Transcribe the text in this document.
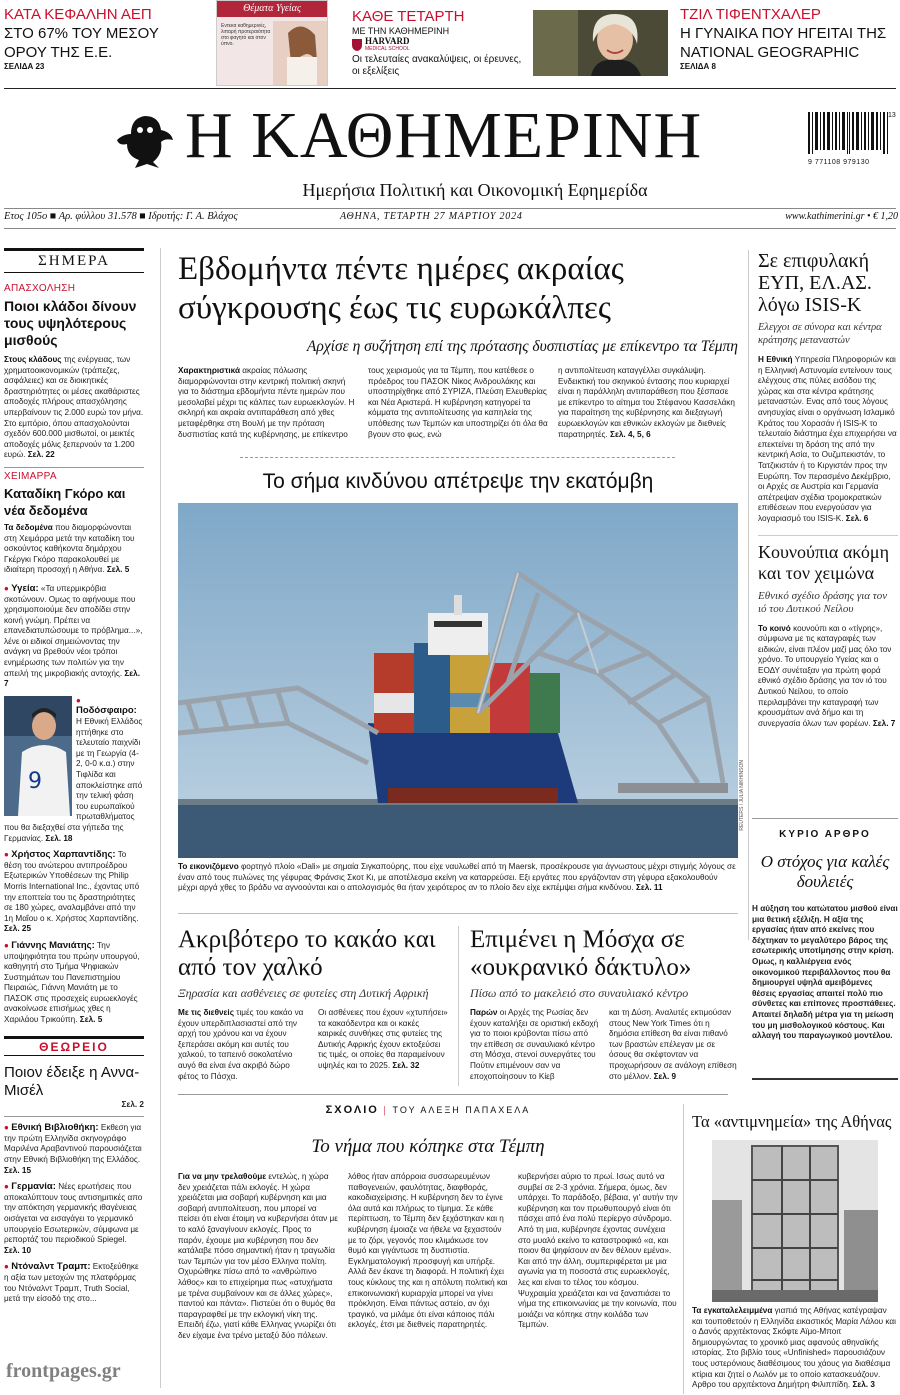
ΚΑΤΑ ΚΕΦΑΛΗΝ ΑΕΠ
ΣΤΟ 67% ΤΟΥ ΜΕΣΟΥ ΟΡΟΥ ΤΗΣ Ε.Ε.
ΣΕΛΙΔΑ 23
Θέματα Υγείας
Εντεκα καθημερινές, λιπαρή προτεραιότητα στο φαγητό και στον ύπνο.
ΚΑΘΕ ΤΕΤΑΡΤΗ
ΜΕ ΤΗΝ ΚΑΘΗΜΕΡΙΝΗ
HARVARD
MEDICAL SCHOOL
Οι τελευταίες ανακαλύψεις, οι έρευνες, οι εξελίξεις
ΤΖΙΛ ΤΙΦΕΝΤΧΑΛΕΡ
Η ΓΥΝΑΙΚΑ ΠΟΥ ΗΓΕΙΤΑΙ ΤΗΣ NATIONAL GEOGRAPHIC
ΣΕΛΙΔΑ 8
Η ΚΑΘΗΜΕΡΙΝΗ
Ημερήσια Πολιτική και Οικονομική Εφημερίδα
13
9 771108 979130
Ετος 105ο ■ Αρ. φύλλου 31.578 ■ Ιδρυτής: Γ. Α. Βλάχος	ΑΘΗΝΑ, ΤΕΤΑΡΤΗ 27 ΜΑΡΤΙΟΥ 2024	www.kathimerini.gr • € 1,20
ΣΗΜΕΡΑ
ΑΠΑΣΧΟΛΗΣΗ
Ποιοι κλάδοι δίνουν τους υψηλότερους μισθούς
Στους κλάδους της ενέργειας, των χρηματοοικονομικών (τράπεζες, ασφάλειες) και σε διοικητικές δραστηριότητες οι μέσες ακαθάριστες αποδοχές πλήρους απασχόλησης υπερβαίνουν τις 2.000 ευρώ τον μήνα. Στο εμπόριο, όπου απασχολούνται σχεδόν 600.000 μισθωτοί, οι μεικτές αποδοχές μόλις ξεπερνούν τα 1.200 ευρώ. Σελ. 22
ΧΕΙΜΑΡΡΑ
Καταδίκη Γκόρο και νέα δεδομένα
Τα δεδομένα που διαμορφώνονται στη Χειμάρρα μετά την καταδίκη του οσκούντος καθήκοντα δημάρχου Γκέργκι Γκόρο παρακολουθεί με ιδιαίτερη προσοχή η Αθήνα. Σελ. 5
● Υγεία: «Τα υπερμικρόβια σκοτώνουν. Ομως το αφήνουμε που χρησιμοποιούμε δεν αποδίδει στην κοινή γνώμη. Πρέπει να επανεδιατυπώσουμε το πρόβλημα...», λένε οι ειδικοί σημειώνοντας την ανάγκη να βρεθούν νέοι τρόποι ενημέρωσης των πολιτών για την απειλή της μικροβιακής αντοχής. Σελ. 7
9
● Ποδόσφαιρο: Η Εθνική Ελλάδος ηττήθηκε στο τελευταίο παιχνίδι με τη Γεωργία (4-2, 0-0 κ.α.) στην Τιφλίδα και αποκλείστηκε από την τελική φάση του ευρωπαϊκού πρωταθλήματος που θα διεξαχθεί στα γήπεδα της Γερμανίας. Σελ. 18
● Χρήστος Χαρπαντίδης: Το θέση του ανώτερου αντιπροέδρου Εξωτερικών Υποθέσεων της Philip Morris International Inc., έχοντας υπό την εποπτεία του τις δραστηριότητες σε 180 χώρες, αναλαμβάνει από την 1η Μαΐου ο κ. Χρήστος Χαρπαντίδης. Σελ. 25
● Γιάννης Μανιάτης: Την υποψηφιότητα του πρώην υπουργού, καθηγητή στο Τμήμα Ψηφιακών Συστημάτων του Πανεπιστημίου Πειραιώς, Γιάννη Μανιάτη με το ΠΑΣΟΚ στις προσεχείς ευρωεκλογές ανακοίνωσε επισήμως χθες η Χαριλάου Τρικούπη. Σελ. 5
ΘΕΩΡΕΙΟ
Ποιον έδειξε η Αννα-Μισέλ
Σελ. 2
● Εθνική Βιβλιοθήκη: Εκθεση για την πρώτη Ελληνίδα σκηνογράφο Μαριλένα Αραβαντινού παρουσιάζεται στην Εθνική Βιβλιοθήκη της Ελλάδος. Σελ. 15
● Γερμανία: Νέες ερωτήσεις που αποκαλύπτουν τους αντισημιτικές απο την απόκτηση γερμανικής ιθαγένειας οισάγεται να εισαγάγει το γερμανικό υπουργείο Εσωτερικών, σύμφωνα με ρεπορτάζ του περιοδικού Spiegel. Σελ. 10
● Ντόναλντ Τραμπ: Εκτοξεύθηκε η αξία των μετοχών της πλατφόρμας του Ντόναλντ Τραμπ, Truth Social, μετά την είσοδό της στο...
frontpages.gr
Εβδομήντα πέντε ημέρες ακραίας σύγκρουσης έως τις ευρωκάλπες
Αρχίσε η συζήτηση επί της πρότασης δυσπιστίας με επίκεντρο τα Τέμπη
Χαρακτηριστικά ακραίας πόλωσης διαμορφώνονται στην κεντρική πολιτική σκηνή για το διάστημα εβδομήντα πέντε ημερών που μεσολαβεί μέχρι τις κάλπες των ευρωεκλογών. Η σκληρή και ακραία αντιπαράθεση από χθες μεταφέρθηκε στη Βουλή με την πρόταση δυσπιστίας κατά της κυβέρνησης, με επίκεντρο
τους χειρισμούς για τα Τέμπη, που κατέθεσε ο πρόεδρος του ΠΑΣΟΚ Νίκος Ανδρουλάκης και υποστηρίχθηκε από ΣΥΡΙΖΑ, Πλεύση Ελευθερίας και Νέα Αριστερά. Η κυβέρνηση κατηγορεί τα κόμματα της αντιπολίτευσης για καπηλεία της υπόθεσης των Τεμπών και υποστηρίζει ότι όλα θα βγουν στο φως, ενώ
η αντιπολίτευση καταγγέλλει συγκάλυψη. Ενδεικτική του σκηνικού έντασης που κυριαρχεί είναι η παράλληλη αντιπαράθεση που ξέσπασε με επίκεντρο το αίτημα του Στέφανου Κασσελάκη για παραίτηση της κυβέρνησης και διεξαγωγή ευρωεκλογών και εθνικών εκλογών με διεθνείς παρατηρητές. Σελ. 4, 5, 6
Το σήμα κινδύνου απέτρεψε την εκατόμβη
REUTERS / JULIA NIKHINSON
Το εικονιζόμενο φορτηγό πλοίο «Dali» με σημαία Σιγκαπούρης, που είχε ναυλωθεί από τη Maersk, προσέκρουσε για άγνωστους μέχρι στιγμής λόγους σε έναν από τους πυλώνες της γέφυρας Φράνσις Σκοτ Κι, με αποτέλεσμα εκείνη να καταρρεύσει. Εξι εργάτες που εργάζονταν στη γέφυρα εξακολουθούν μέχρι αργά χθες το βράδυ να αγνοούνται και ο απολογισμός θα ήταν χειρότερος αν το πλοίο δεν είχε εκπέμψει σήμα κινδύνου. Σελ. 11
Ακριβότερο το κακάο και από τον χαλκό
Ξηρασία και ασθένειες σε φυτείες στη Δυτική Αφρική
Με τις διεθνείς τιμές του κακάο να έχουν υπερδιπλασιαστεί από την αρχή του χρόνου και να έχουν ξεπεράσει ακόμη και αυτές του χαλκού, το ταπεινό σοκολατένιο αυγό θα είναι ένα ακριβό δώρο φέτος το Πάσχα.
Οι ασθένειες που έχουν «χτυπήσει» τα κακαόδεντρα και οι κακές καιρικές συνθήκες στις φυτείες της Δυτικής Αφρικής έχουν εκτοξεύσει τις τιμές, οι οποίες θα παραμείνουν υψηλές και το 2025. Σελ. 32
Επιμένει η Μόσχα σε «ουκρανικό δάκτυλο»
Πίσω από το μακελειό στο συναυλιακό κέντρο
Παρών οι Αρχές της Ρωσίας δεν έχουν καταλήξει σε οριστική εκδοχή για το ποιοι κρύβονται πίσω από την επίθεση σε συναυλιακό κέντρο στη Μόσχα, στενοί συνεργάτες του Πούτιν επιμένουν σαν να εποχοποίησουν το Κίεβ
και τη Δύση. Αναλυτές εκτιμούσαν στους New York Times ότι η δημόσια επίθεση θα είναι πιθανό των βραστών επέλεγαν με σε όσους θα σκέφτονταν να προχωρήσουν σε ανάλογη επίθεση στο μέλλον. Σελ. 9
ΣΧΟΛΙΟ | ΤΟΥ ΑΛΕΞΗ ΠΑΠΑΧΕΛΑ
Το νήμα που κόπηκε στα Τέμπη
Για να μην τρελαθούμε εντελώς, η χώρα δεν χρειάζεται πάλι εκλογές. Η χώρα χρειάζεται μια σοβαρή κυβέρνηση και μια σοβαρή αντιπολίτευση, που μπορεί να πείσει ότι είναι έτοιμη να κυβερνήσει όταν με το καλό ξαναγίνουν εκλογές. Προς το παρόν, έχουμε μια κυβέρνηση που δεν κατάλαβε πόσο σημαντική ήταν η τραγωδία των Τεμπών για τον μέσο Ελληνα πολίτη. Οχυρώθηκε πίσω από το «ανθρώπινο λάθος» και το επιχείρημα πως «ατυχήματα με τρένα συμβαίνουν και σε άλλες χώρες», παντού και πάντα». Πιστεύει ότι ο θυμός θα παραγραφθεί με την εκλογική νίκη της. Επειδή έζω, γιατί κάθε Ελληνας γνωρίζει ότι δεν είχαμε ένα τρένο μεταξύ δύο πόλεων.
λόθος ήταν απόρροια συσσωρευμένων παθογενειών, φαυλότητας, διαφθοράς, κακοδιαχείρισης. Η κυβέρνηση δεν το έγινε όλα αυτά και πλήρως το τίμημα. Σε κάθε περίπτωση, το Τέμπη δεν ξεχάστηκαν και η κυβέρνηση έμοιαζε να ήθελε να ξεχαστούν με το ζόρι, γεγονός που κλιμάκωσε τον θυμό και γιγάντωσε τη δυσπιστία. Εγκληματολογική προσφυγή και υπήρξε. Αλλά δεν έκανε τη διαφορά. Η πολιτική έχει τους κύκλους της και η απόλυτη πολιτική και επικοινωνιακή κυριαρχία μπορεί να γίνει πρόκληση. Είναι πάντως αστείο, αν όχι τραγικό, να μιλάμε ότι είναι κάποιος πάλι εκλογές, έτσι με διεθνείς παρατηρητές.
κυβερνήσει αύριο το πρωί. Ισως αυτό να συμβεί σε 2-3 χρόνια. Σήμερα, όμως, δεν υπάρχει. Το παράδοξο, βέβαια, γι' αυτήν την κυβέρνηση και τον πρωθυπουργό είναι ότι πάσχει από ένα πολύ περίεργο σύνδρομο. Από τη μια, κυβέρνησε έχοντας συνέχεια στο μυαλό εκείνο το καταστροφικό «α, και ποιον θα ψηφίσουν αν δεν θέλουν εμένα». Και από την άλλη, συμπεριφέρεται με μια αγωνία για τη ποσοστά στις ευρωεκλογές, λες και είναι το τέλος του κόσμου. Ψυχραιμία χρειάζεται και να ξαναπιάσει το νήμα της επικοινωνίας με την κοινωνία, που μοιάζει να κόπηκε στην κοιλάδα των Τεμπών.
Σε επιφυλακή ΕΥΠ, ΕΛ.ΑΣ. λόγω ISIS-K
Ελεγχοι σε σύνορα και κέντρα κράτησης μεταναστών
Η Εθνική Υπηρεσία Πληροφοριών και η Ελληνική Αστυνομία εντείνουν τους ελέγχους στις πύλες εισόδου της χώρας και στα κέντρα κράτησης μεταναστών. Ενας από τους λόγους ανησυχίας είναι ο οργάνωση Ισλαμικό Κράτος του Χορασάν ή ISIS-K το τελευταίο διάστημα έχει επιχειρήσει να επεκτείνει τη δράση της από την κεντρική Ασία, το Ουζμπεκιστάν, το Τατζικιστάν ή το Κιργιστάν προς την Ευρώπη. Τον περασμένο Δεκέμβριο, οι Αρχές σε Αυστρία και Γερμανία απέτρεψαν σχέδια τρομοκρατικών επιθέσεων που ενεργούσαν για λογαριασμό του ISIS-K. Σελ. 6
Κουνούπια ακόμη και τον χειμώνα
Εθνικό σχέδιο δράσης για τον ιό του Δυτικού Νείλου
Το κοινό κουνούπι και ο «τίγρης», σύμφωνα με τις καταγραφές των ειδικών, είναι πλέον μαζί μας όλο τον χρόνο. Το υπουργείο Υγείας και ο ΕΟΔΥ συνέταξαν για πρώτη φορά εθνικό σχέδιο δράσης για τον ιό του Δυτικού Νείλου, το οποίο περιλαμβάνει την καταγραφή των κρουσμάτων ανά δήμο και τη συνεργασία όλων των φορέων. Σελ. 7
ΚΥΡΙΟ ΑΡΘΡΟ
Ο στόχος για καλές δουλειές
Η αύξηση του κατώτατου μισθού είναι μια θετική εξέλιξη. Η αξία της εργασίας ήταν από εκείνες που δέχτηκαν το μεγαλύτερο βάρος της εσωτερικής υποτίμησης στην κρίση. Ομως, η καλλιέργεια ενός οικονομικού περιβάλλοντος που θα δημιουργεί υψηλά αμειβόμενες θέσεις εργασίας απαιτεί πολύ πιο σύνθετες και επίπονες προσπάθειες. Απαιτεί δηλαδή μέτρα για τη μείωση του μη μισθολογικού κόστους. Και αλλαγή του παραγωγικού μοντέλου.
Τα «αντιμνημεία» της Αθήνας
Τα εγκαταλελειμμένα γιαπιά της Αθήνας κατέγραψαν και τουποθετούν η Ελληνίδα εικαστικός Μαρία Λάλου και ο Δανός αρχιτέκτονας Σκόφτε Αϊμο-Μποιτ δημιουργώντας το χρονικό μιας αφανούς αθηναϊκής ιστορίας. Στο βιβλίο τους «Unfinished» παρουσιάζουν τους υστερόνιους διαθέσιμους του χάους για διαθέσιμα κτίρια και ζητεί ο Λωλόν με το οποίο κατασκευάζουν. Αρθρο του αρχιτέκτονα Δημήτρη Φιλιππίδη. Σελ. 3
